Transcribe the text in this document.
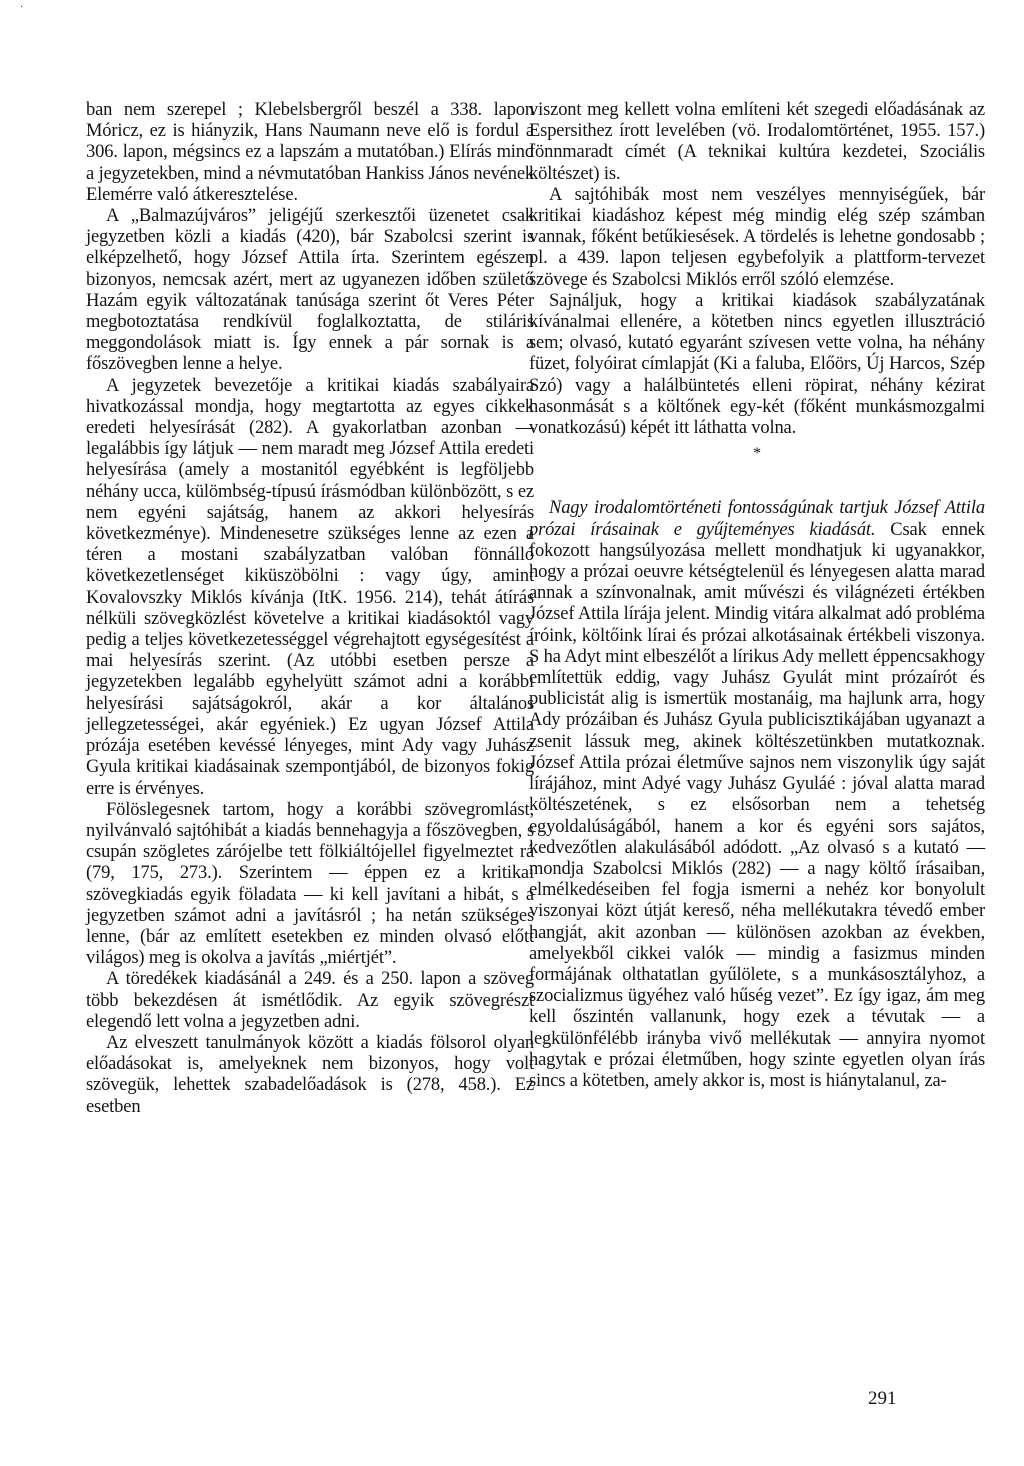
·

ban nem szerepel ; Klebelsbergről beszél a 338. lapon Móricz, ez is hiányzik, Hans Naumann neve elő is fordul a 306. lapon, mégsincs ez a lapszám a mutatóban.) Elírás mind a jegyzetekben, mind a névmutatóban Hankiss János nevének Elemérre való átkeresztelése.

A „Balmazújváros” jeligéjű szerkesztői üzenetet csak jegyzetben közli a kiadás (420), bár Szabolcsi szerint is elképzelhető, hogy József Attila írta. Szerintem egészen bizonyos, nemcsak azért, mert az ugyanezen időben születő Hazám egyik változatának tanúsága szerint őt Veres Péter megbotoztatása rendkívül foglalkoztatta, de stiláris meggondolások miatt is. Így ennek a pár sornak is a főszövegben lenne a helye.

A jegyzetek bevezetője a kritikai kiadás szabályaira hivatkozással mondja, hogy megtartotta az egyes cikkek eredeti helyesírását (282). A gyakorlatban azonban — legalábbis így látjuk — nem maradt meg József Attila eredeti helyesírása (amely a mostanitól egyébként is legföljebb néhány ucca, külömbség-típusú írásmódban különbözött, s ez nem egyéni sajátság, hanem az akkori helyesírás következménye). Mindenesetre szükséges lenne az ezen a téren a mostani szabályzatban valóban fönnálló következetlenséget kiküszöbölni : vagy úgy, amint Kovalovszky Miklós kívánja (ItK. 1956. 214), tehát átírás nélküli szövegközlést követelve a kritikai kiadásoktól vagy pedig a teljes következetességgel végrehajtott egységesítést a mai helyesírás szerint. (Az utóbbi esetben persze a jegyzetekben legalább egyhelyütt számot adni a korábbi helyesírási sajátságokról, akár a kor általános jellegzetességei, akár egyéniek.) Ez ugyan József Attila prózája esetében kevéssé lényeges, mint Ady vagy Juhász Gyula kritikai kiadásainak szempontjából, de bizonyos fokig erre is érvényes.

Fölöslegesnek tartom, hogy a korábbi szövegromlást, nyilvánvaló sajtóhibát a kiadás bennehagyja a főszövegben, s csupán szögletes zárójelbe tett fölkiáltójellel figyelmeztet rá (79, 175, 273.). Szerintem — éppen ez a kritikai szövegkiadás egyik föladata — ki kell javítani a hibát, s a jegyzetben számot adni a javításról ; ha netán szükséges lenne, (bár az említett esetekben ez minden olvasó előtt világos) meg is okolva a javítás „miértjét”.

A töredékek kiadásánál a 249. és a 250. lapon a szöveg több bekezdésen át ismétlődik. Az egyik szövegrészt elegendő lett volna a jegyzetben adni.

Az elveszett tanulmányok között a kiadás fölsorol olyan előadásokat is, amelyeknek nem bizonyos, hogy volt szövegük, lehettek szabadelőadások is (278, 458.). Ez esetben

viszont meg kellett volna említeni két szegedi előadásának az Espersithez írott levelében (vö. Irodalomtörténet, 1955. 157.) fönnmaradt címét (A teknikai kultúra kezdetei, Szociális költészet) is.

A sajtóhibák most nem veszélyes mennyiségűek, bár kritikai kiadáshoz képest még mindig elég szép számban vannak, főként betűkiesések. A tördelés is lehetne gondosabb ; pl. a 439. lapon teljesen egybefolyik a plattform-tervezet szövege és Szabolcsi Miklós erről szóló elemzése.

Sajnáljuk, hogy a kritikai kiadások szabályzatának kívánalmai ellenére, a kötetben nincs egyetlen illusztráció sem; olvasó, kutató egyaránt szívesen vette volna, ha néhány füzet, folyóirat címlapját (Ki a faluba, Előörs, Új Harcos, Szép Szó) vagy a halálbüntetés elleni röpirat, néhány kézirat hasonmását s a költőnek egy-két (főként munkásmozgalmi vonatkozású) képét itt láthatta volna.

*

Nagy irodalomtörténeti fontosságúnak tartjuk József Attila prózai írásainak e gyűjteményes kiadását. Csak ennek fokozott hangsúlyozása mellett mondhatjuk ki ugyanakkor, hogy a prózai oeuvre kétségtelenül és lényegesen alatta marad annak a színvonalnak, amit művészi és világnézeti értékben József Attila lírája jelent. Mindig vitára alkalmat adó probléma íróink, költőink lírai és prózai alkotásainak értékbeli viszonya. S ha Adyt mint elbeszélőt a lírikus Ady mellett éppencsakhogy említettük eddig, vagy Juhász Gyulát mint prózaírót és publicistát alig is ismertük mostanáig, ma hajlunk arra, hogy Ady prózáiban és Juhász Gyula publicisztikájában ugyanazt a zsenit lássuk meg, akinek költészetünkben mutatkoznak. József Attila prózai életműve sajnos nem viszonylik úgy saját lírájához, mint Adyé vagy Juhász Gyuláé : jóval alatta marad költészetének, s ez elsősorban nem a tehetség egyoldalúságából, hanem a kor és egyéni sors sajátos, kedvezőtlen alakulásából adódott. „Az olvasó s a kutató — mondja Szabolcsi Miklós (282) — a nagy költő írásaiban, elmélkedéseiben fel fogja ismerni a nehéz kor bonyolult viszonyai közt útját kereső, néha mellékutakra tévedő ember hangját, akit azonban — különösen azokban az években, amelyekből cikkei valók — mindig a fasizmus minden formájának olthatatlan gyűlölete, s a munkásosztályhoz, a szocializmus ügyéhez való hűség vezet”. Ez így igaz, ám meg kell őszintén vallanunk, hogy ezek a tévutak — a legkülönfélébb irányba vivő mellékutak — annyira nyomot hagytak e prózai életműben, hogy szinte egyetlen olyan írás sincs a kötetben, amely akkor is, most is hiánytalanul, za-

291
